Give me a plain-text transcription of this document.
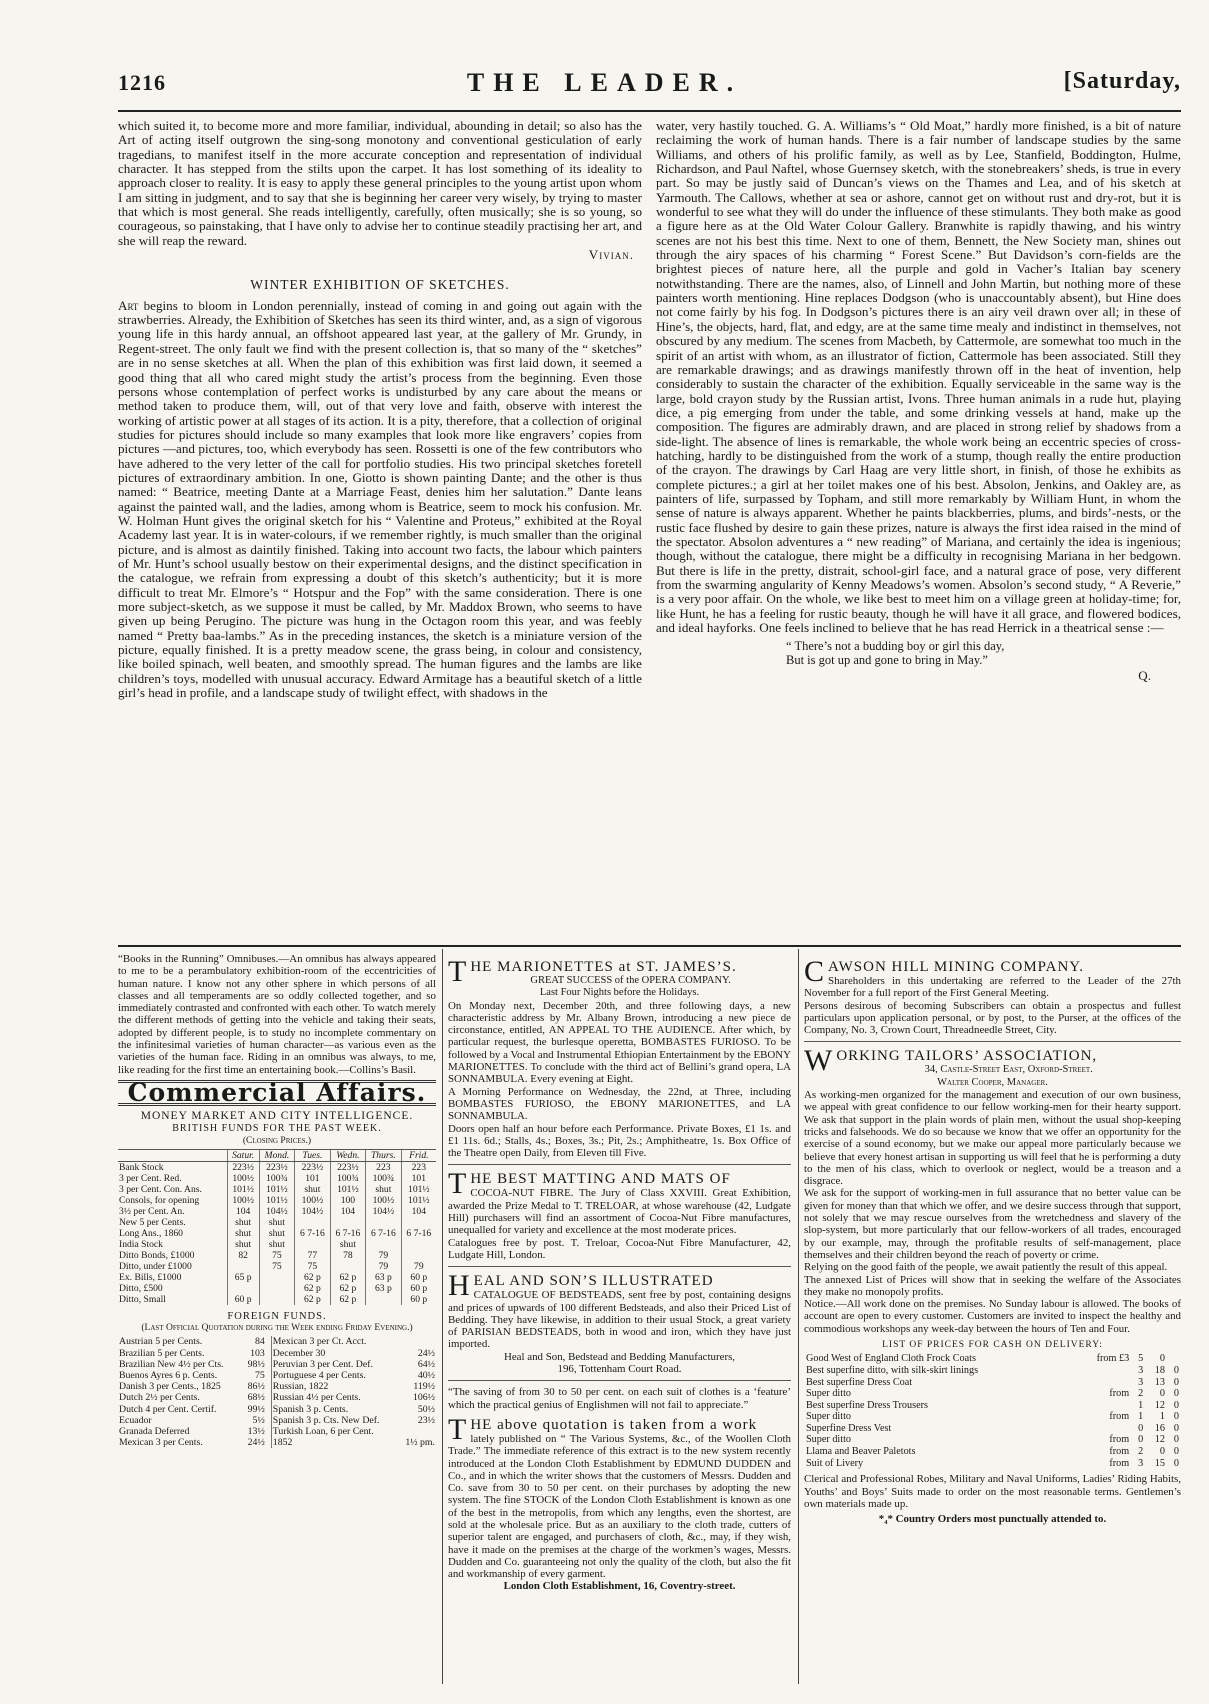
1216	THE LEADER.	[Saturday,

which suited it, to become more and more familiar, individual, abounding in detail; so also has the Art of acting itself outgrown the sing-song monotony and conventional gesticulation of early tragedians, to manifest itself in the more accurate conception and representation of individual character. It has stepped from the stilts upon the carpet. It has lost something of its ideality to approach closer to reality. It is easy to apply these general principles to the young artist upon whom I am sitting in judgment, and to say that she is beginning her career very wisely, by trying to master that which is most general. She reads intelligently, carefully, often musically; she is so young, so courageous, so painstaking, that I have only to advise her to continue steadily practising her art, and she will reap the reward.

Vivian.

WINTER EXHIBITION OF SKETCHES.

Art begins to bloom in London perennially, instead of coming in and going out again with the strawberries. Already, the Exhibition of Sketches has seen its third winter, and, as a sign of vigorous young life in this hardy annual, an offshoot appeared last year, at the gallery of Mr. Grundy, in Regent-street. The only fault we find with the present collection is, that so many of the “ sketches” are in no sense sketches at all. When the plan of this exhibition was first laid down, it seemed a good thing that all who cared might study the artist’s process from the beginning. Even those persons whose contemplation of perfect works is undisturbed by any care about the means or method taken to produce them, will, out of that very love and faith, observe with interest the working of artistic power at all stages of its action. It is a pity, therefore, that a collection of original studies for pictures should include so many examples that look more like engravers’ copies from pictures —and pictures, too, which everybody has seen. Rossetti is one of the few contributors who have adhered to the very letter of the call for portfolio studies. His two principal sketches foretell pictures of extraordinary ambition. In one, Giotto is shown painting Dante; and the other is thus named: “ Beatrice, meeting Dante at a Marriage Feast, denies him her salutation.” Dante leans against the painted wall, and the ladies, among whom is Beatrice, seem to mock his confusion. Mr. W. Holman Hunt gives the original sketch for his “ Valentine and Proteus,” exhibited at the Royal Academy last year. It is in water-colours, if we remember rightly, is much smaller than the original picture, and is almost as daintily finished. Taking into account two facts, the labour which painters of Mr. Hunt’s school usually bestow on their experimental designs, and the distinct specification in the catalogue, we refrain from expressing a doubt of this sketch’s authenticity; but it is more difficult to treat Mr. Elmore’s “ Hotspur and the Fop” with the same consideration. There is one more subject-sketch, as we suppose it must be called, by Mr. Maddox Brown, who seems to have given up being Perugino. The picture was hung in the Octagon room this year, and was feebly named “ Pretty baa-lambs.” As in the preceding instances, the sketch is a miniature version of the picture, equally finished. It is a pretty meadow scene, the grass being, in colour and consistency, like boiled spinach, well beaten, and smoothly spread. The human figures and the lambs are like children’s toys, modelled with unusual accuracy. Edward Armitage has a beautiful sketch of a little girl’s head in profile, and a landscape study of twilight effect, with shadows in the

water, very hastily touched. G. A. Williams’s “ Old Moat,” hardly more finished, is a bit of nature reclaiming the work of human hands. There is a fair number of landscape studies by the same Williams, and others of his prolific family, as well as by Lee, Stanfield, Boddington, Hulme, Richardson, and Paul Naftel, whose Guernsey sketch, with the stonebreakers’ sheds, is true in every part. So may be justly said of Duncan’s views on the Thames and Lea, and of his sketch at Yarmouth. The Callows, whether at sea or ashore, cannot get on without rust and dry-rot, but it is wonderful to see what they will do under the influence of these stimulants. They both make as good a figure here as at the Old Water Colour Gallery. Branwhite is rapidly thawing, and his wintry scenes are not his best this time. Next to one of them, Bennett, the New Society man, shines out through the airy spaces of his charming “ Forest Scene.” But Davidson’s corn-fields are the brightest pieces of nature here, all the purple and gold in Vacher’s Italian bay scenery notwithstanding. There are the names, also, of Linnell and John Martin, but nothing more of these painters worth mentioning. Hine replaces Dodgson (who is unaccountably absent), but Hine does not come fairly by his fog. In Dodgson’s pictures there is an airy veil drawn over all; in these of Hine’s, the objects, hard, flat, and edgy, are at the same time mealy and indistinct in themselves, not obscured by any medium. The scenes from Macbeth, by Cattermole, are somewhat too much in the spirit of an artist with whom, as an illustrator of fiction, Cattermole has been associated. Still they are remarkable drawings; and as drawings manifestly thrown off in the heat of invention, help considerably to sustain the character of the exhibition. Equally serviceable in the same way is the large, bold crayon study by the Russian artist, Ivons. Three human animals in a rude hut, playing dice, a pig emerging from under the table, and some drinking vessels at hand, make up the composition. The figures are admirably drawn, and are placed in strong relief by shadows from a side-light. The absence of lines is remarkable, the whole work being an eccentric species of cross-hatching, hardly to be distinguished from the work of a stump, though really the entire production of the crayon. The drawings by Carl Haag are very little short, in finish, of those he exhibits as complete pictures.; a girl at her toilet makes one of his best. Absolon, Jenkins, and Oakley are, as painters of life, surpassed by Topham, and still more remarkably by William Hunt, in whom the sense of nature is always apparent. Whether he paints blackberries, plums, and birds’-nests, or the rustic face flushed by desire to gain these prizes, nature is always the first idea raised in the mind of the spectator. Absolon adventures a “ new reading” of Mariana, and certainly the idea is ingenious; though, without the catalogue, there might be a difficulty in recognising Mariana in her bedgown. But there is life in the pretty, distrait, school-girl face, and a natural grace of pose, very different from the swarming angularity of Kenny Meadows’s women. Absolon’s second study, “ A Reverie,” is a very poor affair. On the whole, we like best to meet him on a village green at holiday-time; for, like Hunt, he has a feeling for rustic beauty, though he will have it all grace, and flowered bodices, and ideal hayforks. One feels inclined to believe that he has read Herrick in a theatrical sense :—

“ There’s not a budding boy or girl this day,
But is got up and gone to bring in May.”

Q.

“Books in the Running” Omnibuses.—An omnibus has always appeared to me to be a perambulatory exhibition-room of the eccentricities of human nature. I know not any other sphere in which persons of all classes and all temperaments are so oddly collected together, and so immediately contrasted and confronted with each other. To watch merely the different methods of getting into the vehicle and taking their seats, adopted by different people, is to study no incomplete commentary on the infinitesimal varieties of human character—as various even as the varieties of the human face. Riding in an omnibus was always, to me, like reading for the first time an entertaining book.—Collins’s Basil.

Commercial Affairs.
MONEY MARKET AND CITY INTELLIGENCE.
BRITISH FUNDS FOR THE PAST WEEK.
(Closing Prices.)
	Satur.	Mond.	Tues.	Wedn.	Thurs.	Frid.
Bank Stock	223½	223½	223½	223½	223	223
3 per Cent. Red.	100½	100¾	101	100¾	100¾	101
3 per Cent. Con. Ans.	101½	101½	shut	101½	shut	101½
Consols, for opening	100½	101½	100½	100	100½	101½
3½ per Cent. An.	104	104½	104½	104	104½	104
New 5 per Cents.	shut	shut				
Long Ans., 1860	shut	shut	6 7-16	6 7-16	6 7-16	6 7-16
India Stock	shut	shut		shut		
Ditto Bonds, £1000	82	75	77	78	79	
Ditto, under £1000		75	75		79	79
Ex. Bills, £1000	65 p		62 p	62 p	63 p	60 p
Ditto, £500			62 p	62 p	63 p	60 p
Ditto, Small	60 p		62 p	62 p		60 p
FOREIGN FUNDS.
(Last Official Quotation during the Week ending Friday Evening.)
Austrian 5 per Cents.	84	Mexican 3 per Ct. Acct.	
Brazilian 5 per Cents.	103	December 30	24½
Brazilian New 4½ per Cts.	98½	Peruvian 3 per Cent. Def.	64½
Buenos Ayres 6 p. Cents.	75	Portuguese 4 per Cents.	40½
Danish 3 per Cents., 1825	86½	Russian, 1822	119½
Dutch 2½ per Cents.	68½	Russian 4½ per Cents.	106½
Dutch 4 per Cent. Certif.	99½	Spanish 3 p. Cents.	50½
Ecuador	5½	Spanish 3 p. Cts. New Def.	23½
Granada Deferred	13½	Turkish Loan, 6 per Cent.	
Mexican 3 per Cents.	24½	1852	1½ pm.
THE MARIONETTES at ST. JAMES’S.
GREAT SUCCESS of the OPERA COMPANY.
Last Four Nights before the Holidays.

On Monday next, December 20th, and three following days, a new characteristic address by Mr. Albany Brown, introducing a new piece de circonstance, entitled, AN APPEAL TO THE AUDIENCE. After which, by particular request, the burlesque operetta, BOMBASTES FURIOSO. To be followed by a Vocal and Instrumental Ethiopian Entertainment by the EBONY MARIONETTES. To conclude with the third act of Bellini’s grand opera, LA SONNAMBULA. Every evening at Eight.

A Morning Performance on Wednesday, the 22nd, at Three, including BOMBASTES FURIOSO, the EBONY MARIONETTES, and LA SONNAMBULA.

Doors open half an hour before each Performance. Private Boxes, £1 1s. and £1 11s. 6d.; Stalls, 4s.; Boxes, 3s.; Pit, 2s.; Amphitheatre, 1s. Box Office of the Theatre open Daily, from Eleven till Five.

THE BEST MATTING AND MATS OF

COCOA-NUT FIBRE. The Jury of Class XXVIII. Great Exhibition, awarded the Prize Medal to T. TRELOAR, at whose warehouse (42, Ludgate Hill) purchasers will find an assortment of Cocoa-Nut Fibre manufactures, unequalled for variety and excellence at the most moderate prices.

Catalogues free by post. T. Treloar, Cocoa-Nut Fibre Manufacturer, 42, Ludgate Hill, London.

HEAL AND SON’S ILLUSTRATED

CATALOGUE OF BEDSTEADS, sent free by post, containing designs and prices of upwards of 100 different Bedsteads, and also their Priced List of Bedding. They have likewise, in addition to their usual Stock, a great variety of PARISIAN BEDSTEADS, both in wood and iron, which they have just imported.

Heal and Son, Bedstead and Bedding Manufacturers,
196, Tottenham Court Road.

“The saving of from 30 to 50 per cent. on each suit of clothes is a ‘feature’ which the practical genius of Englishmen will not fail to appreciate.”

THE above quotation is taken from a work

lately published on “ The Various Systems, &c., of the Woollen Cloth Trade.” The immediate reference of this extract is to the new system recently introduced at the London Cloth Establishment by EDMUND DUDDEN and Co., and in which the writer shows that the customers of Messrs. Dudden and Co. save from 30 to 50 per cent. on their purchases by adopting the new system. The fine STOCK of the London Cloth Establishment is known as one of the best in the metropolis, from which any lengths, even the shortest, are sold at the wholesale price. But as an auxiliary to the cloth trade, cutters of superior talent are engaged, and purchasers of cloth, &c., may, if they wish, have it made on the premises at the charge of the workmen’s wages, Messrs. Dudden and Co. guaranteeing not only the quality of the cloth, but also the fit and workmanship of every garment.

London Cloth Establishment, 16, Coventry-street.
CAWSON HILL MINING COMPANY.

Shareholders in this undertaking are referred to the Leader of the 27th November for a full report of the First General Meeting.

Persons desirous of becoming Subscribers can obtain a prospectus and fullest particulars upon application personal, or by post, to the Purser, at the offices of the Company, No. 3, Crown Court, Threadneedle Street, City.

WORKING TAILORS’ ASSOCIATION,
34, Castle-Street East, Oxford-Street.
Walter Cooper, Manager.

As working-men organized for the management and execution of our own business, we appeal with great confidence to our fellow working-men for their hearty support. We ask that support in the plain words of plain men, without the usual shop-keeping tricks and falsehoods. We do so because we know that we offer an opportunity for the exercise of a sound economy, but we make our appeal more particularly because we believe that every honest artisan in supporting us will feel that he is performing a duty to the men of his class, which to overlook or neglect, would be a treason and a disgrace.

We ask for the support of working-men in full assurance that no better value can be given for money than that which we offer, and we desire success through that support, not solely that we may rescue ourselves from the wretchedness and slavery of the slop-system, but more particularly that our fellow-workers of all trades, encouraged by our example, may, through the profitable results of self-management, place themselves and their children beyond the reach of poverty or crime.

Relying on the good faith of the people, we await patiently the result of this appeal.

The annexed List of Prices will show that in seeking the welfare of the Associates they make no monopoly profits.

Notice.—All work done on the premises. No Sunday labour is allowed. The books of account are open to every customer. Customers are invited to inspect the healthy and commodious workshops any week-day between the hours of Ten and Four.

LIST OF PRICES FOR CASH ON DELIVERY:
Good West of England Cloth Frock Coats	from £3	5	0	
Best superfine ditto, with silk-skirt linings		3	18	0
Best superfine Dress Coat		3	13	0
Super ditto	from	2	0	0
Best superfine Dress Trousers		1	12	0
Super ditto	from	1	1	0
Superfine Dress Vest		0	16	0
Super ditto	from	0	12	0
Llama and Beaver Paletots	from	2	0	0
Suit of Livery	from	3	15	0

Clerical and Professional Robes, Military and Naval Uniforms, Ladies’ Riding Habits, Youths’ and Boys’ Suits made to order on the most reasonable terms. Gentlemen’s own materials made up.

*₄* Country Orders most punctually attended to.
